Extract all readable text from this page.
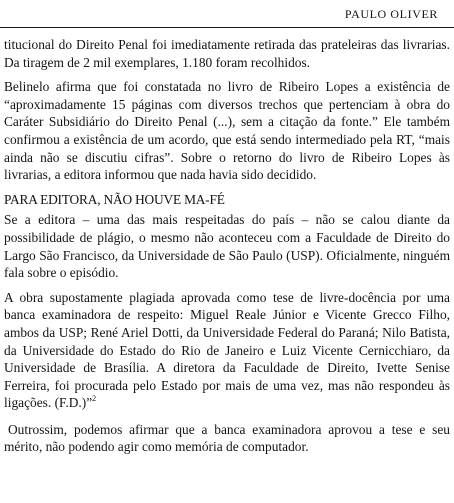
PAULO OLIVER

titucional do Direito Penal foi imediatamente retirada das prateleiras das livrarias. Da tiragem de 2 mil exemplares, 1.180 foram recolhidos.

Belinelo afirma que foi constatada no livro de Ribeiro Lopes a existência de “aproximadamente 15 páginas com diversos trechos que pertenciam à obra do Caráter Subsidiário do Direito Penal (...), sem a citação da fonte.” Ele também confirmou a existência de um acordo, que está sendo intermediado pela RT, “mais ainda não se discutiu cifras”. Sobre o retorno do livro de Ribeiro Lopes às livrarias, a editora informou que nada havia sido decidido.

PARA EDITORA, NÃO HOUVE MA-FÉ

Se a editora – uma das mais respeitadas do país – não se calou diante da possibilidade de plágio, o mesmo não aconteceu com a Faculdade de Direito do Largo São Francisco, da Universidade de São Paulo (USP). Oficialmente, ninguém fala sobre o episódio.

A obra supostamente plagiada aprovada como tese de livre-docência por uma banca examinadora de respeito: Miguel Reale Júnior e Vicente Grecco Filho, ambos da USP; René Ariel Dotti, da Universidade Federal do Paraná; Nilo Batista, da Universidade do Estado do Rio de Janeiro e Luiz Vicente Cernicchiaro, da Universidade de Brasília. A diretora da Faculdade de Direito, Ivette Senise Ferreira, foi procurada pelo Estado por mais de uma vez, mas não respondeu às ligações. (F.D.)”$^2$

Outrossim, podemos afirmar que a banca examinadora aprovou a tese e seu mérito, não podendo agir como memória de computador.
